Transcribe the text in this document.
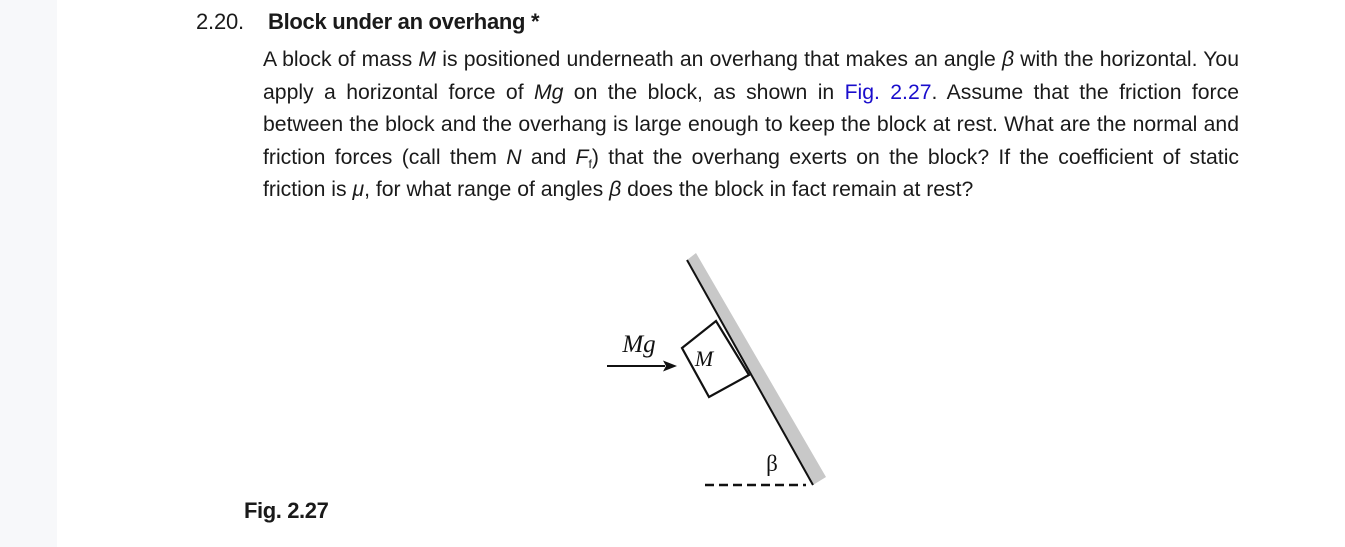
2.20. Block under an overhang *
A block of mass M is positioned underneath an overhang that makes an angle β with the horizontal. You apply a horizontal force of Mg on the block, as shown in Fig. 2.27. Assume that the friction force between the block and the overhang is large enough to keep the block at rest. What are the normal and friction forces (call them N and $F_f$) that the overhang exerts on the block? If the coefficient of static friction is μ, for what range of angles β does the block in fact remain at rest?
M
Mg
β
Fig. 2.27
